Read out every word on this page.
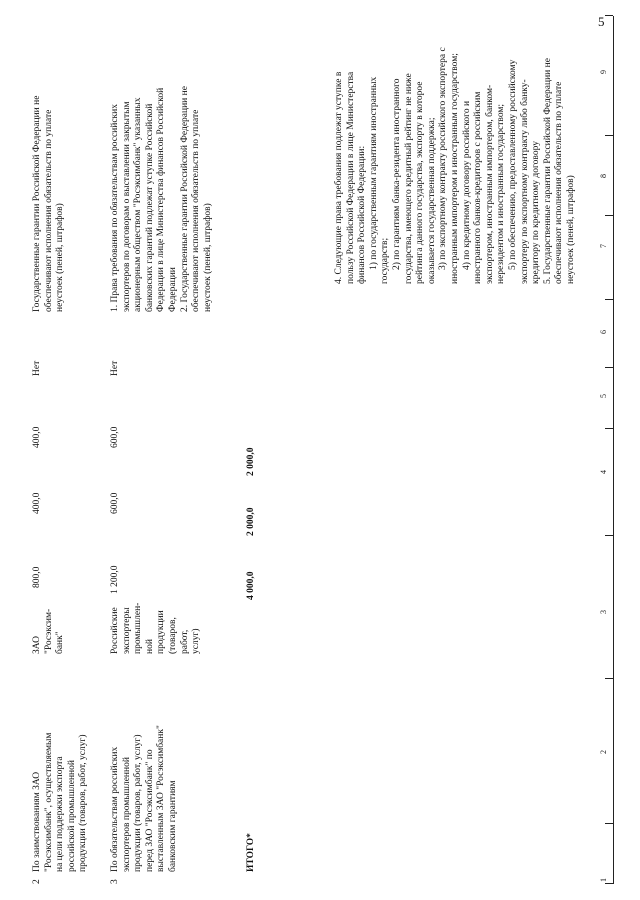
5
1
2
3
4
5
6
7
8
9
2
По заимствованиям ЗАО "Росэксимбанк", осуществляемым на цели поддержки экспорта российской промышленной продукции (товаров, работ, услуг)
ЗАО "Росэксим- банк"
800,0
400,0
400,0
Нет
Государственные гарантии Российской Федерации не обеспечивают исполнения обязательств по уплате неустоек (пеней, штрафов)
3
По обязательствам российских экспортеров промышленной продукции (товаров, работ, услуг) перед ЗАО "Росэксимбанк" по выставленным ЗАО "Росэксимбанк" банковским гарантиям
Российские экспортеры промышлен- ной продукции (товаров, работ, услуг)
1 200,0
600,0
600,0
Нет
1. Права требования по обязательствам российских экспортеров по договорам о выставлении закрытым акционерным обществом "Росэксимбанк" указанных банковских гарантий подлежат уступке Российской Федерации в лице Министерства финансов Российской Федерации 2. Государственные гарантии Российской Федерации не обеспечивают исполнения обязательств по уплате неустоек (пеней, штрафов)
ИТОГО*
4 000,0
2 000,0
2 000,0
4. Следующие права требования подлежат уступке в пользу Российской Федерации в лице Министерства финансов Российской Федерации: 1) по государственным гарантиям иностранных государств; 2) по гарантиям банка-резидента иностранного государства, имеющего кредитный рейтинг не ниже рейтинга данного государства, экспорту в которое оказывается государственная поддержка; 3) по экспортному контракту российского экспортера с иностранным импортером и иностранным государством; 4) по кредитному договору российского и иностранного банков-кредиторов с российским экспортером, иностранным импортером, банком- нерезидентом и иностранным государством; 5) по обеспечению, предоставленному российскому экспортеру по экспортному контракту либо банку- кредитору по кредитному договору 5. Государственные гарантии Российской Федерации не обеспечивают исполнения обязательств по уплате неустоек (пеней, штрафов)
